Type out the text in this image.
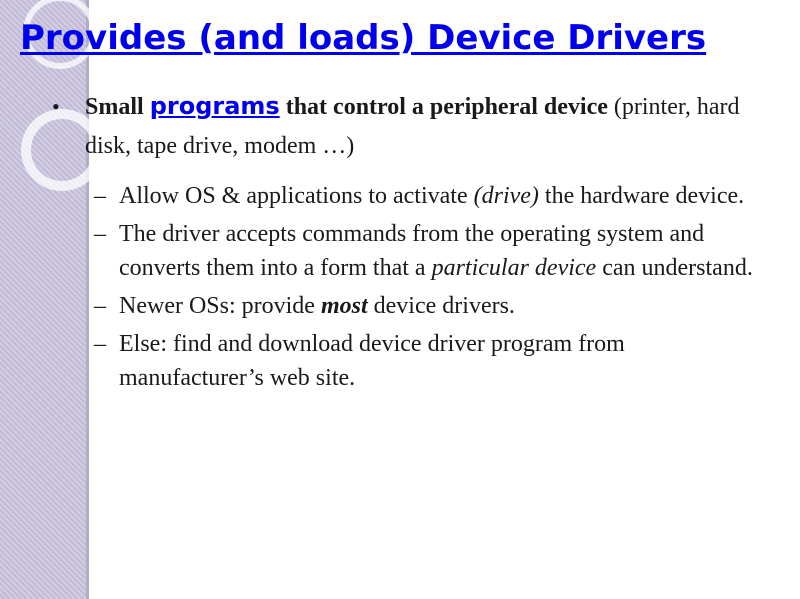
Provides (and loads) Device Drivers
• Small programs that control a peripheral device (printer, hard disk, tape drive, modem …)
– Allow OS & applications to activate (drive) the hardware device.
– The driver accepts commands from the operating system and converts them into a form that a particular device can understand.
– Newer OSs: provide most device drivers.
– Else: find and download device driver program from manufacturer’s web site.
